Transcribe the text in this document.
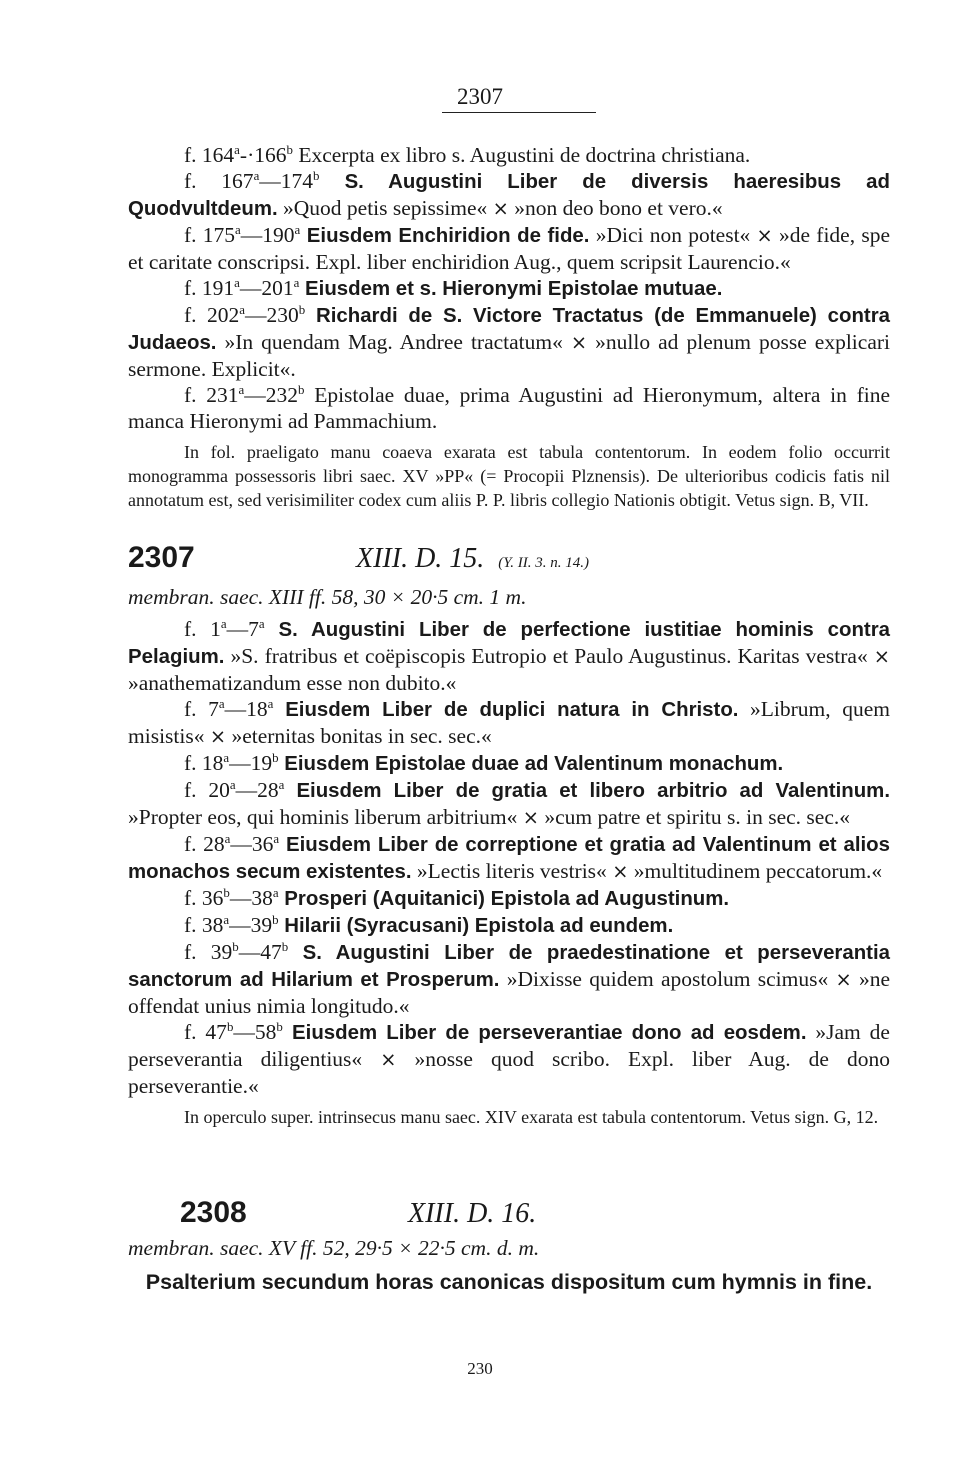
2307

f. $164^a-\cdot 166^b$ Excerpta ex libro s. Augustini de doctrina christiana.

f. 167$^a$—174$^b$ S. Augustini Liber de diversis haeresibus ad Quodvultdeum. »Quod petis sepissime« × »non deo bono et vero.«

f. 175$^a$—190$^a$ Eiusdem Enchiridion de fide. »Dici non potest« × »de fide, spe et caritate conscripsi. Expl. liber enchiridion Aug., quem scripsit Laurencio.«

f. 191$^a$—201$^a$ Eiusdem et s. Hieronymi Epistolae mutuae.

f. 202$^a$—230$^b$ Richardi de S. Victore Tractatus (de Emmanuele) contra Judaeos. »In quendam Mag. Andree tractatum« × »nullo ad plenum posse explicari sermone. Explicit«.

f. 231$^a$—232$^b$ Epistolae duae, prima Augustini ad Hieronymum, altera in fine manca Hieronymi ad Pammachium.

In fol. praeligato manu coaeva exarata est tabula contentorum. In eodem folio occurrit monogramma possessoris libri saec. XV »PP« (= Procopii Plznensis). De ulterioribus codicis fatis nil annotatum est, sed verisimiliter codex cum aliis P. P. libris collegio Nationis obtigit. Vetus sign. B, VII.

2307	XIII. D. 15. (Y. II. 3. n. 14.)

membran. saec. XIII ff. 58, 30 × 20·5 cm. 1 m.

f. 1$^a$—7$^a$ S. Augustini Liber de perfectione iustitiae hominis contra Pelagium. »S. fratribus et coëpiscopis Eutropio et Paulo Augustinus. Karitas vestra« × »anathematizandum esse non dubito.«

f. 7$^a$—18$^a$ Eiusdem Liber de duplici natura in Christo. »Librum, quem misistis« × »eternitas bonitas in sec. sec.«

f. 18$^a$—19$^b$ Eiusdem Epistolae duae ad Valentinum monachum.

f. 20$^a$—28$^a$ Eiusdem Liber de gratia et libero arbitrio ad Valentinum. »Propter eos, qui hominis liberum arbitrium« × »cum patre et spiritu s. in sec. sec.«

f. 28$^a$—36$^a$ Eiusdem Liber de correptione et gratia ad Valentinum et alios monachos secum existentes. »Lectis literis vestris« × »multitudinem peccatorum.«

f. 36$^b$—38$^a$ Prosperi (Aquitanici) Epistola ad Augustinum.

f. 38$^a$—39$^b$ Hilarii (Syracusani) Epistola ad eundem.

f. 39$^b$—47$^b$ S. Augustini Liber de praedestinatione et perseverantia sanctorum ad Hilarium et Prosperum. »Dixisse quidem apostolum scimus« × »ne offendat unius nimia longitudo.«

f. 47$^b$—58$^b$ Eiusdem Liber de perseverantiae dono ad eosdem. »Jam de perseverantia diligentius« × »nosse quod scribo. Expl. liber Aug. de dono perseverantie.«

In operculo super. intrinsecus manu saec. XIV exarata est tabula contentorum. Vetus sign. G, 12.

2308	XIII. D. 16.

membran. saec. XV ff. 52, 29·5 × 22·5 cm. d. m.

Psalterium secundum horas canonicas dispositum cum hymnis in fine.

230
